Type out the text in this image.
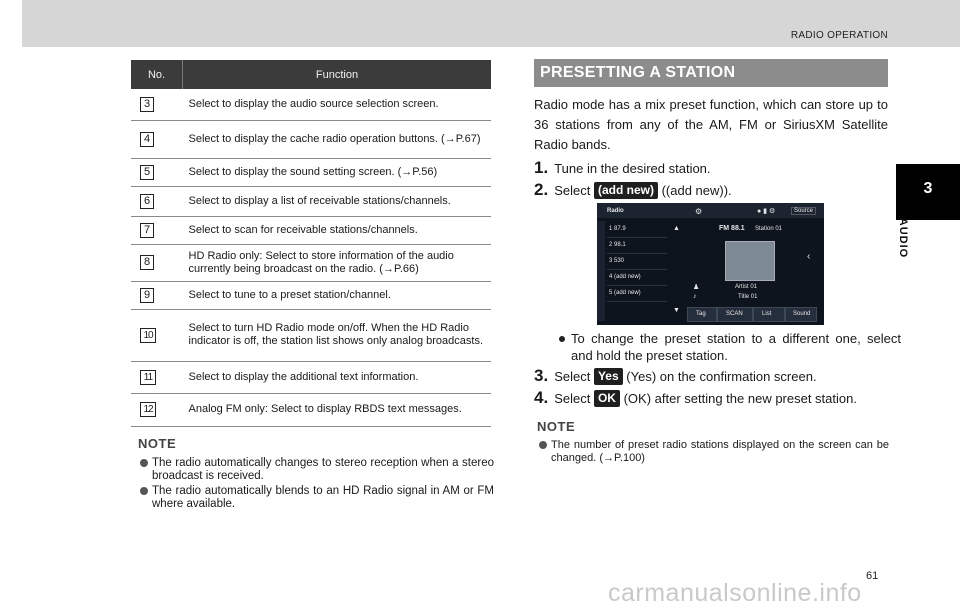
RADIO OPERATION
No.	Function
3	Select to display the audio source selection screen.
4	Select to display the cache radio operation buttons. (→P.67)
5	Select to display the sound setting screen. (→P.56)
6	Select to display a list of receivable stations/channels.
7	Select to scan for receivable stations/channels.
8	HD Radio only: Select to store information of the audio currently being broadcast on the radio. (→P.66)
9	Select to tune to a preset station/channel.
10	Select to turn HD Radio mode on/off. When the HD Radio indicator is off, the station list shows only analog broadcasts.
11	Select to display the additional text information.
12	Analog FM only: Select to display RBDS text messages.
NOTE
The radio automatically changes to stereo reception when a stereo broadcast is received.
The radio automatically blends to an HD Radio signal in AM or FM where available.
PRESETTING A STATION
Radio mode has a mix preset function, which can store up to 36 stations from any of the AM, FM or SiriusXM Satellite Radio bands.
1. Tune in the desired station.
2. Select (add new) ((add new)).
Radio	⚙	● ▮ ⚙	Source
1 87.9
2 98.1
3 530
4 (add new)
5 (add new)
▲
▼
FM 88.1 Station 01
‹
Artist 01
Title 01
♟
♪
Tag	SCAN	List	Sound
To change the preset station to a different one, select and hold the preset station.
3. Select Yes (Yes) on the confirmation screen.
4. Select OK (OK) after setting the new preset station.
NOTE
The number of preset radio stations displayed on the screen can be changed. (→P.100)
3
AUDIO
61
carmanualsonline.info
